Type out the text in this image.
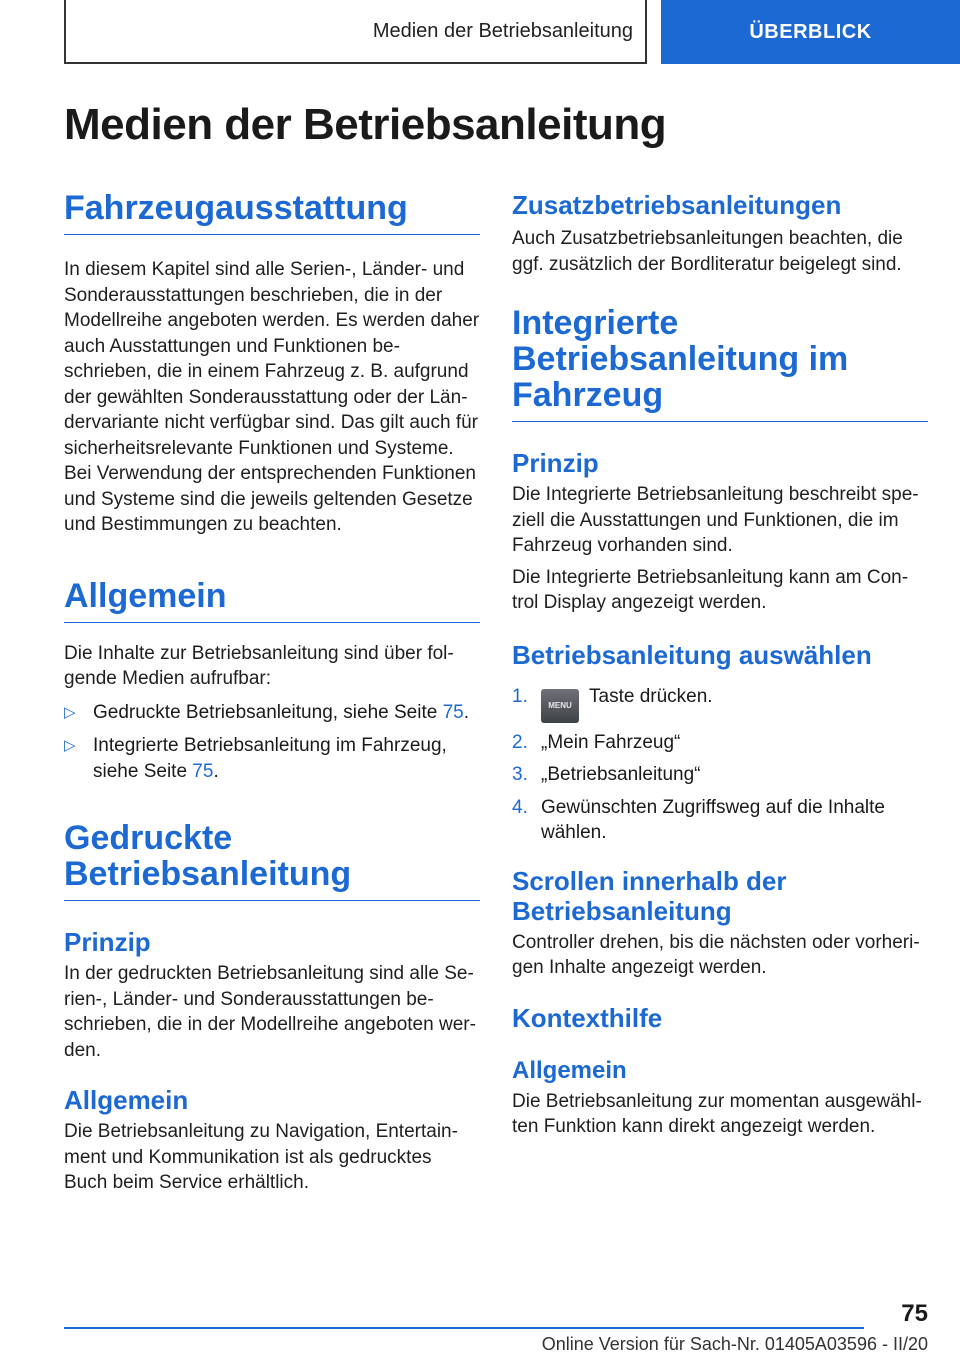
Medien der Betriebsanleitung	ÜBERBLICK
Medien der Betriebsanleitung
Fahrzeugausstattung

In diesem Kapitel sind alle Serien-, Länder- und Sonderausstattungen beschrieben, die in der Modellreihe angeboten werden. Es werden daher auch Ausstattungen und Funktionen beschrieben, die in einem Fahrzeug z. B. aufgrund der gewählten Sonderausstattung oder der Ländervariante nicht verfügbar sind. Das gilt auch für sicherheitsrelevante Funktionen und Systeme. Bei Verwendung der entsprechenden Funktionen und Systeme sind die jeweils geltenden Gesetze und Bestimmungen zu beachten.

Allgemein

Die Inhalte zur Betriebsanleitung sind über folgende Medien aufrufbar:

▷ Gedruckte Betriebsanleitung, siehe Seite 75.
▷ Integrierte Betriebsanleitung im Fahrzeug, siehe Seite 75.
Gedruckte
Betriebsanleitung
Prinzip

In der gedruckten Betriebsanleitung sind alle Serien-, Länder- und Sonderausstattungen beschrieben, die in der Modellreihe angeboten werden.

Allgemein

Die Betriebsanleitung zu Navigation, Entertainment und Kommunikation ist als gedrucktes Buch beim Service erhältlich.

Zusatzbetriebsanleitungen

Auch Zusatzbetriebsanleitungen beachten, die ggf. zusätzlich der Bordliteratur beigelegt sind.

Integrierte
Betriebsanleitung im
Fahrzeug
Prinzip

Die Integrierte Betriebsanleitung beschreibt speziell die Ausstattungen und Funktionen, die im Fahrzeug vorhanden sind.

Die Integrierte Betriebsanleitung kann am Control Display angezeigt werden.

Betriebsanleitung auswählen
1.	MENU Taste drücken.
2. „Mein Fahrzeug“
3. „Betriebsanleitung“
4. Gewünschten Zugriffsweg auf die Inhalte wählen.
Scrollen innerhalb der
Betriebsanleitung

Controller drehen, bis die nächsten oder vorherigen Inhalte angezeigt werden.

Kontexthilfe
Allgemein

Die Betriebsanleitung zur momentan ausgewählten Funktion kann direkt angezeigt werden.

75
Online Version für Sach-Nr. 01405A03596 - II/20
